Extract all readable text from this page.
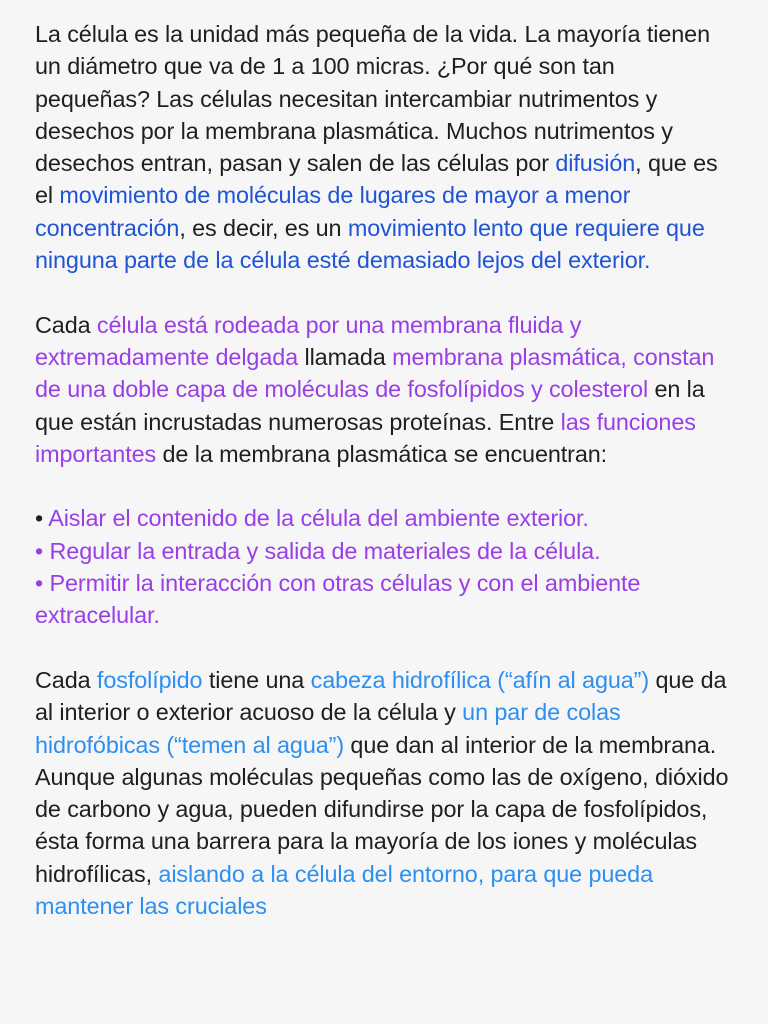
La célula es la unidad más pequeña de la vida. La mayoría tienen un diámetro que va de 1 a 100 micras. ¿Por qué son tan pequeñas? Las células necesitan intercambiar nutrimentos y desechos por la membrana plasmática. Muchos nutrimentos y desechos entran, pasan y salen de las células por difusión, que es el movimiento de moléculas de lugares de mayor a menor concentración, es decir, es un movimiento lento que requiere que ninguna parte de la célula esté demasiado lejos del exterior.

Cada célula está rodeada por una membrana fluida y extremadamente delgada llamada membrana plasmática, constan de una doble capa de moléculas de fosfolípidos y colesterol en la que están incrustadas numerosas proteínas. Entre las funciones importantes de la membrana plasmática se encuentran:

• Aislar el contenido de la célula del ambiente exterior.
• Regular la entrada y salida de materiales de la célula.
• Permitir la interacción con otras células y con el ambiente extracelular.

Cada fosfolípido tiene una cabeza hidrofílica (“afín al agua”) que da al interior o exterior acuoso de la célula y un par de colas hidrofóbicas (“temen al agua”) que dan al interior de la membrana. Aunque algunas moléculas pequeñas como las de oxígeno, dióxido de carbono y agua, pueden difundirse por la capa de fosfolípidos, ésta forma una barrera para la mayoría de los iones y moléculas hidrofílicas, aislando a la célula del entorno, para que pueda mantener las cruciales
